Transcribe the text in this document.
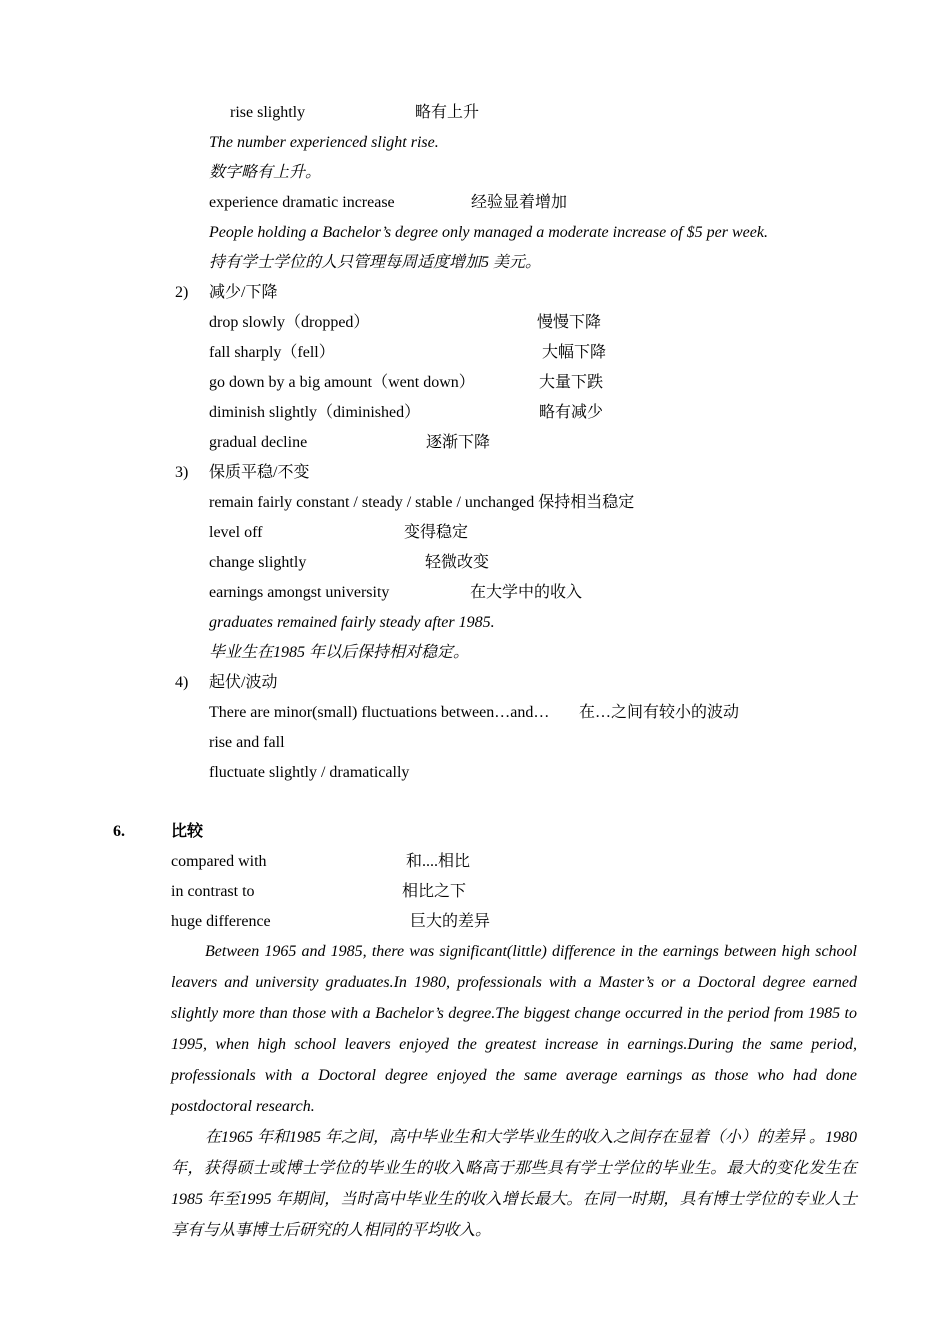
rise slightly	略有上升
The number experienced slight rise.
数字略有上升。
experience dramatic increase	经验显着增加
People holding a Bachelor’s degree only managed a moderate increase of $5 per week.
持有学士学位的人只管理每周适度增加5 美元。
2) 减少/下降
drop slowly（dropped）	慢慢下降
fall sharply（fell）	大幅下降
go down by a big amount（went down）	大量下跌
diminish slightly（diminished）	略有减少
gradual decline	逐渐下降
3) 保质平稳/不变
remain fairly constant / steady / stable / unchanged 保持相当稳定
level off	变得稳定
change slightly	轻微改变
earnings amongst university	在大学中的收入
graduates remained fairly steady after 1985.
毕业生在1985 年以后保持相对稳定。
4) 起伏/波动
There are minor(small) fluctuations between…and… 在…之间有较小的波动
rise and fall
fluctuate slightly / dramatically
6.	比较
compared with	和....相比
in contrast to	相比之下
huge difference	巨大的差异
Between 1965 and 1985, there was significant(little) difference in the earnings between high school leavers and university graduates.In 1980, professionals with a Master’s or a Doctoral degree earned slightly more than those with a Bachelor’s degree.The biggest change occurred in the period from 1985 to 1995, when high school leavers enjoyed the greatest increase in earnings.During the same period, professionals with a Doctoral degree enjoyed the same average earnings as those who had done postdoctoral research.
在1965 年和1985 年之间，高中毕业生和大学毕业生的收入之间存在显着（小）的差异 。1980 年，获得硕士或博士学位的毕业生的收入略高于那些具有学士学位的毕业生。最大的变化发生在1985 年至1995 年期间，当时高中毕业生的收入增长最大。在同一时期，具有博士学位的专业人士享有与从事博士后研究的人相同的平均收入。
